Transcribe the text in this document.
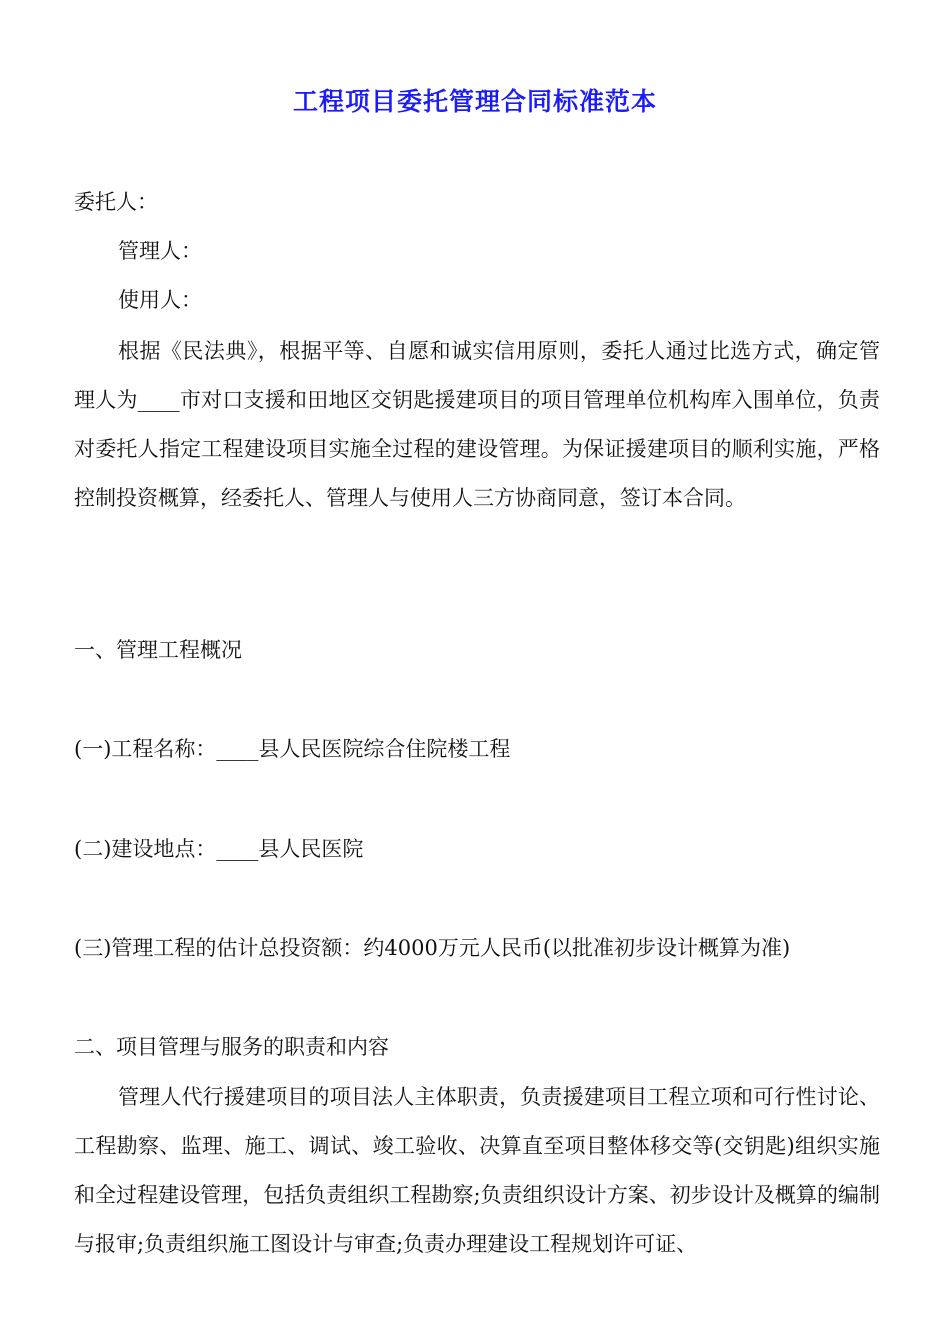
工程项目委托管理合同标准范本
委托人：
管理人：
使用人：
根据《民法典》，根据平等、自愿和诚实信用原则，委托人通过比选方式，确定管理人为____市对口支援和田地区交钥匙援建项目的项目管理单位机构库入围单位，负责对委托人指定工程建设项目实施全过程的建设管理。为保证援建项目的顺利实施，严格控制投资概算，经委托人、管理人与使用人三方协商同意，签订本合同。
一、管理工程概况
(一)工程名称：____县人民医院综合住院楼工程
(二)建设地点：____县人民医院
(三)管理工程的估计总投资额：约4000万元人民币(以批准初步设计概算为准)
二、项目管理与服务的职责和内容
管理人代行援建项目的项目法人主体职责，负责援建项目工程立项和可行性讨论、工程勘察、监理、施工、调试、竣工验收、决算直至项目整体移交等(交钥匙)组织实施和全过程建设管理，包括负责组织工程勘察;负责组织设计方案、初步设计及概算的编制与报审;负责组织施工图设计与审查;负责办理建设工程规划许可证、
